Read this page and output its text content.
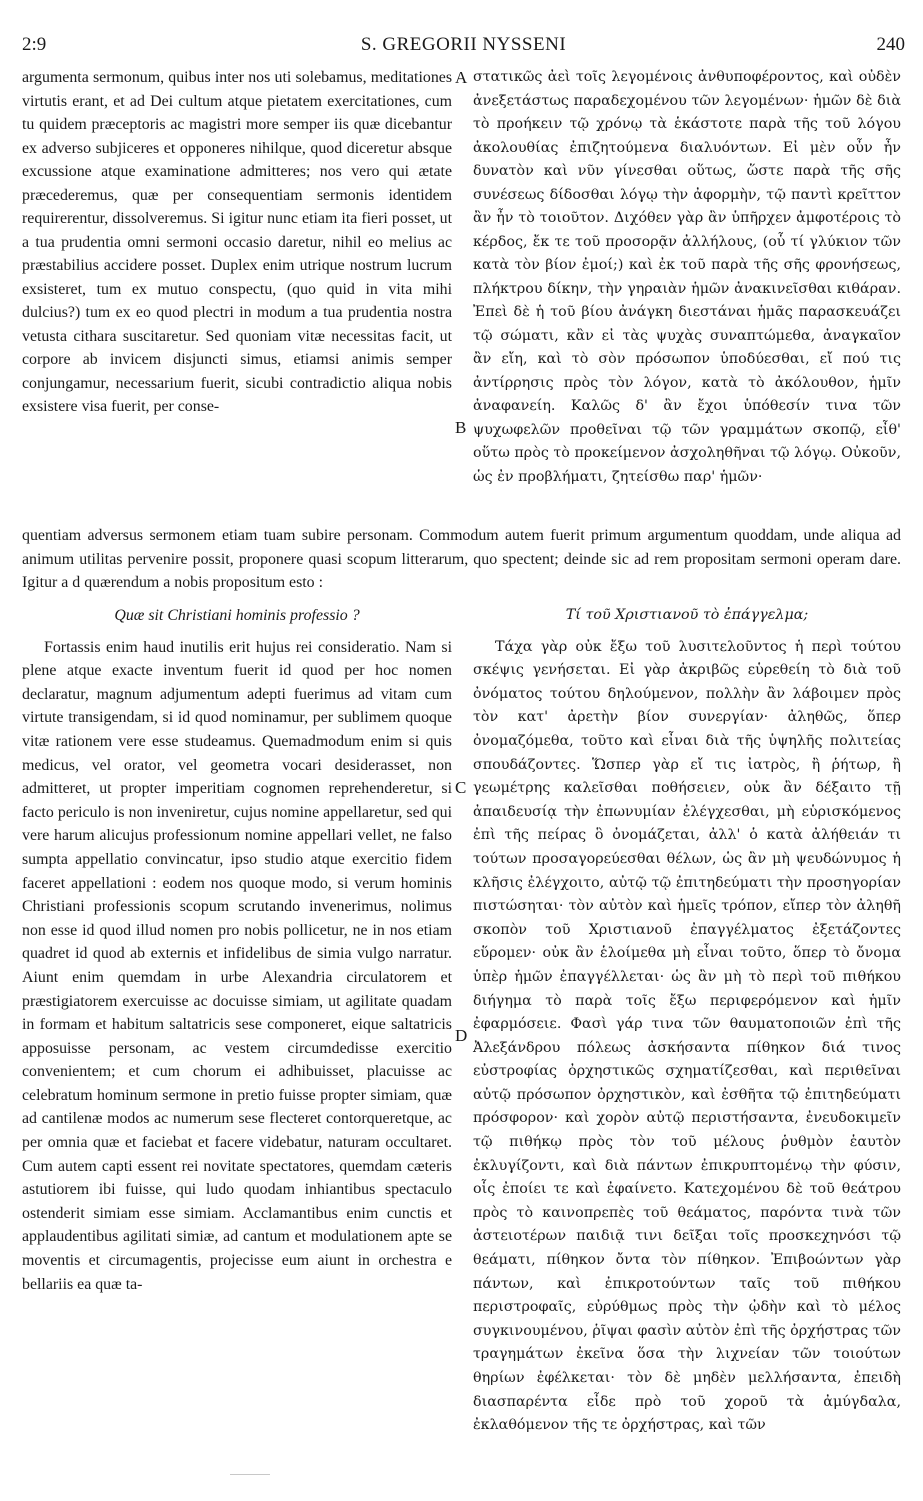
2:9	S. GREGORII NYSSENI	240

argumenta sermonum, quibus inter nos uti solebamus, meditationes virtutis erant, et ad Dei cultum atque pietatem exercitationes, cum tu quidem præceptoris ac magistri more semper iis quæ dicebantur ex adverso subjiceres et opponeres nihilque, quod diceretur absque excussione atque examinatione admitteres; nos vero qui ætate præcederemus, quæ per consequentiam sermonis identidem requirerentur, dissolveremus. Si igitur nunc etiam ita fieri posset, ut a tua prudentia omni sermoni occasio daretur, nihil eo melius ac præstabilius accidere posset. Duplex enim utrique nostrum lucrum exsisteret, tum ex mutuo conspectu, (quo quid in vita mihi dulcius?) tum ex eo quod plectri in modum a tua prudentia nostra vetusta cithara suscitaretur. Sed quoniam vitæ necessitas facit, ut corpore ab invicem disjuncti simus, etiamsi animis semper conjungamur, necessarium fuerit, sicubi contradictio aliqua nobis exsistere visa fuerit, per conse-

στατικῶς ἀεὶ τοῖς λεγομένοις ἀνθυποφέροντος, καὶ οὐδὲν ἀνεξετάστως παραδεχομένου τῶν λεγομένων· ἡμῶν δὲ διὰ τὸ προήκειν τῷ χρόνῳ τὰ ἑκάστοτε παρὰ τῆς τοῦ λόγου ἀκολουθίας ἐπιζητούμενα διαλυόντων. Εἰ μὲν οὖν ἦν δυνατὸν καὶ νῦν γίνεσθαι οὕτως, ὥστε παρὰ τῆς σῆς συνέσεως δίδοσθαι λόγῳ τὴν ἀφορμὴν, τῷ παντὶ κρεῖττον ἂν ἦν τὸ τοιοῦτον. Διχόθεν γὰρ ἂν ὑπῆρχεν ἀμφοτέροις τὸ κέρδος, ἔκ τε τοῦ προσορᾷν ἀλλήλους, (οὗ τί γλύκιον τῶν κατὰ τὸν βίον ἐμοί;) καὶ ἐκ τοῦ παρὰ τῆς σῆς φρονήσεως, πλήκτρου δίκην, τὴν γηραιὰν ἡμῶν ἀνακινεῖσθαι κιθάραν. Ἐπεὶ δὲ ἡ τοῦ βίου ἀνάγκη διεστάναι ἡμᾶς παρασκευάζει τῷ σώματι, κἂν εἰ τὰς ψυχὰς συναπτώμεθα, ἀναγκαῖον ἂν εἴη, καὶ τὸ σὸν πρόσωπον ὑποδύεσθαι, εἴ πού τις ἀντίρρησις πρὸς τὸν λόγον, κατὰ τὸ ἀκόλουθον, ἡμῖν ἀναφανείη. Καλῶς δ' ἂν ἔχοι ὑπόθεσίν τινα τῶν ψυχωφελῶν προθεῖναι τῷ τῶν γραμμάτων σκοπῷ, εἶθ' οὕτω πρὸς τὸ προκείμενον ἀσχοληθῆναι τῷ λόγῳ. Οὐκοῦν, ὡς ἐν προβλήματι, ζητείσθω παρ' ἡμῶν·

quentiam adversus sermonem etiam tuam subire personam. Commodum autem fuerit primum argumentum quoddam, unde aliqua ad animum utilitas pervenire possit, proponere quasi scopum litterarum, quo spectent; deinde sic ad rem propositam sermoni operam dare. Igitur a d quærendum a nobis propositum esto :

Quæ sit Christiani hominis professio ?

Fortassis enim haud inutilis erit hujus rei consideratio. Nam si plene atque exacte inventum fuerit id quod per hoc nomen declaratur, magnum adjumentum adepti fuerimus ad vitam cum virtute transigendam, si id quod nominamur, per sublimem quoque vitæ rationem vere esse studeamus. Quemadmodum enim si quis medicus, vel orator, vel geometra vocari desiderasset, non admitteret, ut propter imperitiam cognomen reprehenderetur, si facto periculo is non inveniretur, cujus nomine appellaretur, sed qui vere harum alicujus professionum nomine appellari vellet, ne falso sumpta appellatio convincatur, ipso studio atque exercitio fidem faceret appellationi : eodem nos quoque modo, si verum hominis Christiani professionis scopum scrutando invenerimus, nolimus non esse id quod illud nomen pro nobis pollicetur, ne in nos etiam quadret id quod ab externis et infidelibus de simia vulgo narratur. Aiunt enim quemdam in urbe Alexandria circulatorem et præstigiatorem exercuisse ac docuisse simiam, ut agilitate quadam in formam et habitum saltatricis sese componeret, eique saltatricis apposuisse personam, ac vestem circumdedisse exercitio convenientem; et cum chorum ei adhibuisset, placuisse ac celebratum hominum sermone in pretio fuisse propter simiam, quæ ad cantilenæ modos ac numerum sese flecteret contorqueretque, ac per omnia quæ et faciebat et facere videbatur, naturam occultaret. Cum autem capti essent rei novitate spectatores, quemdam cæteris astutiorem ibi fuisse, qui ludo quodam inhiantibus spectaculo ostenderit simiam esse simiam. Acclamantibus enim cunctis et applaudentibus agilitati simiæ, ad cantum et modulationem apte se moventis et circumagentis, projecisse eum aiunt in orchestra e bellariis ea quæ ta-

Τί τοῦ Χριστιανοῦ τὸ ἐπάγγελμα;

Τάχα γὰρ οὐκ ἔξω τοῦ λυσιτελοῦντος ἡ περὶ τούτου σκέψις γενήσεται. Εἰ γὰρ ἀκριβῶς εὑρεθείη τὸ διὰ τοῦ ὀνόματος τούτου δηλούμενον, πολλὴν ἂν λάβοιμεν πρὸς τὸν κατ' ἀρετὴν βίον συνεργίαν· ἀληθῶς, ὅπερ ὀνομαζόμεθα, τοῦτο καὶ εἶναι διὰ τῆς ὑψηλῆς πολιτείας σπουδάζοντες. Ὥσπερ γὰρ εἴ τις ἰατρὸς, ἢ ῥήτωρ, ἢ γεωμέτρης καλεῖσθαι ποθήσειεν, οὐκ ἂν δέξαιτο τῇ ἀπαιδευσίᾳ τὴν ἐπωνυμίαν ἐλέγχεσθαι, μὴ εὑρισκόμενος ἐπὶ τῆς πείρας ὃ ὀνομάζεται, ἀλλ' ὁ κατὰ ἀλήθειάν τι τούτων προσαγορεύεσθαι θέλων, ὡς ἂν μὴ ψευδώνυμος ἡ κλῆσις ἐλέγχοιτο, αὐτῷ τῷ ἐπιτηδεύματι τὴν προσηγορίαν πιστώσηται· τὸν αὐτὸν καὶ ἡμεῖς τρόπον, εἴπερ τὸν ἀληθῆ σκοπὸν τοῦ Χριστιανοῦ ἐπαγγέλματος ἐξετάζοντες εὕρομεν· οὐκ ἂν ἑλοίμεθα μὴ εἶναι τοῦτο, ὅπερ τὸ ὄνομα ὑπὲρ ἡμῶν ἐπαγγέλλεται· ὡς ἂν μὴ τὸ περὶ τοῦ πιθήκου διήγημα τὸ παρὰ τοῖς ἔξω περιφερόμενον καὶ ἡμῖν ἐφαρμόσειε. Φασὶ γάρ τινα τῶν θαυματοποιῶν ἐπὶ τῆς Ἀλεξάνδρου πόλεως ἀσκήσαντα πίθηκον διά τινος εὐστροφίας ὀρχηστικῶς σχηματίζεσθαι, καὶ περιθεῖναι αὐτῷ πρόσωπον ὀρχηστικὸν, καὶ ἐσθῆτα τῷ ἐπιτηδεύματι πρόσφορον· καὶ χορὸν αὐτῷ περιστήσαντα, ἐνευδοκιμεῖν τῷ πιθήκῳ πρὸς τὸν τοῦ μέλους ῥυθμὸν ἑαυτὸν ἐκλυγίζοντι, καὶ διὰ πάντων ἐπικρυπτομένῳ τὴν φύσιν, οἷς ἐποίει τε καὶ ἐφαίνετο. Κατεχομένου δὲ τοῦ θεάτρου πρὸς τὸ καινοπρεπὲς τοῦ θεάματος, παρόντα τινὰ τῶν ἀστειοτέρων παιδιᾷ τινι δεῖξαι τοῖς προσκεχηνόσι τῷ θεάματι, πίθηκον ὄντα τὸν πίθηκον. Ἐπιβοώντων γὰρ πάντων, καὶ ἐπικροτούντων ταῖς τοῦ πιθήκου περιστροφαῖς, εὐρύθμως πρὸς τὴν ᾠδὴν καὶ τὸ μέλος συγκινουμένου, ῥῖψαι φασὶν αὐτὸν ἐπὶ τῆς ὀρχήστρας τῶν τραγημάτων ἐκεῖνα ὅσα τὴν λιχνείαν τῶν τοιούτων θηρίων ἐφέλκεται· τὸν δὲ μηδὲν μελλήσαντα, ἐπειδὴ διασπαρέντα εἶδε πρὸ τοῦ χοροῦ τὰ ἀμύγδαλα, ἐκλαθόμενον τῆς τε ὀρχήστρας, καὶ τῶν

A
B
C
D
